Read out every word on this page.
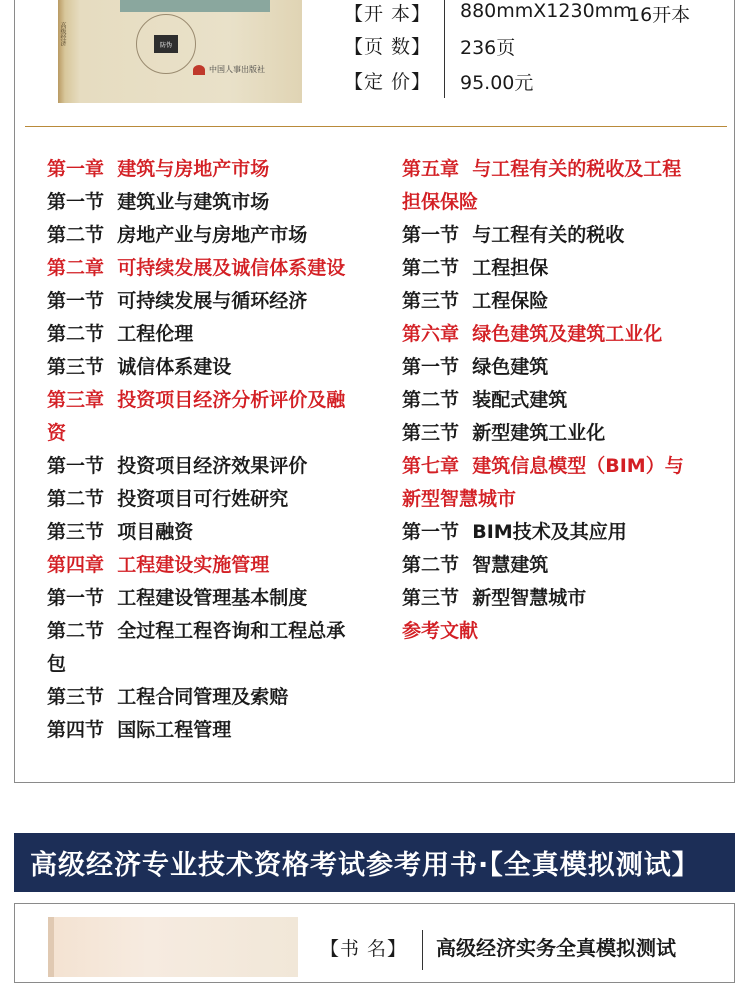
高级经济	防伪
中国人事出版社
【开 本】	880mmX1230mm
16开本
【页 数】	236页
【定 价】	95.00元
第一章  建筑与房地产市场
第一节  建筑业与建筑市场
第二节  房地产业与房地产市场
第二章  可持续发展及诚信体系建设
第一节  可持续发展与循环经济
第二节  工程伦理
第三节  诚信体系建设
第三章  投资项目经济分析评价及融
资
第一节  投资项目经济效果评价
第二节  投资项目可行姓研究
第三节  项目融资
第四章  工程建设实施管理
第一节  工程建设管理基本制度
第二节  全过程工程咨询和工程总承
包
第三节  工程合同管理及索赔
第四节  国际工程管理
第五章  与工程有关的税收及工程
担保保险
第一节  与工程有关的税收
第二节  工程担保
第三节  工程保险
第六章  绿色建筑及建筑工业化
第一节  绿色建筑
第二节  装配式建筑
第三节  新型建筑工业化
第七章  建筑信息模型（BIM）与
新型智慧城市
第一节  BIM技术及其应用
第二节  智慧建筑
第三节  新型智慧城市
参考文献
高级经济专业技术资格考试参考用书·【全真模拟测试】
【书 名】 高级经济实务全真模拟测试
